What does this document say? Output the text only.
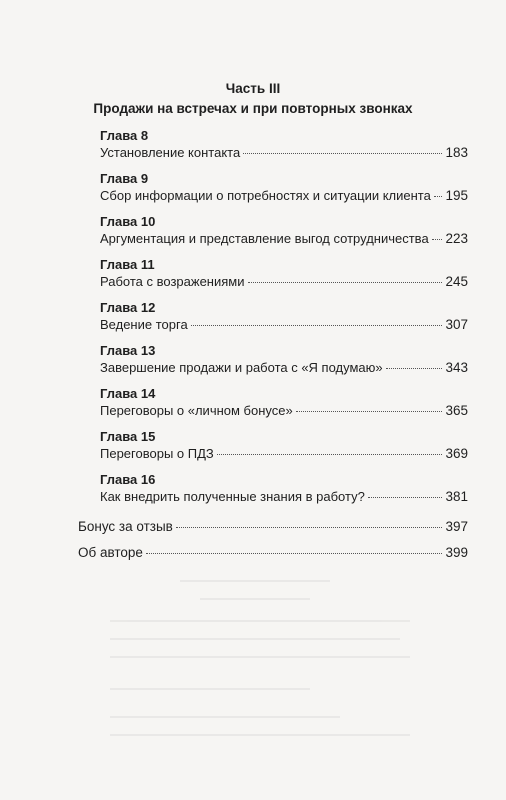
Часть III
Продажи на встречах и при повторных звонках
Глава 8
Установление контакта	183
Глава 9
Сбор информации о потребностях и ситуации клиента 195
Глава 10
Аргументация и представление выгод сотрудничества 223
Глава 11
Работа с возражениями	245
Глава 12
Ведение торга	307
Глава 13
Завершение продажи и работа с «Я подумаю»	343
Глава 14
Переговоры о «личном бонусе»	365
Глава 15
Переговоры о ПДЗ	369
Глава 16
Как внедрить полученные знания в работу?	381
Бонус за отзыв	397
Об авторе	399
